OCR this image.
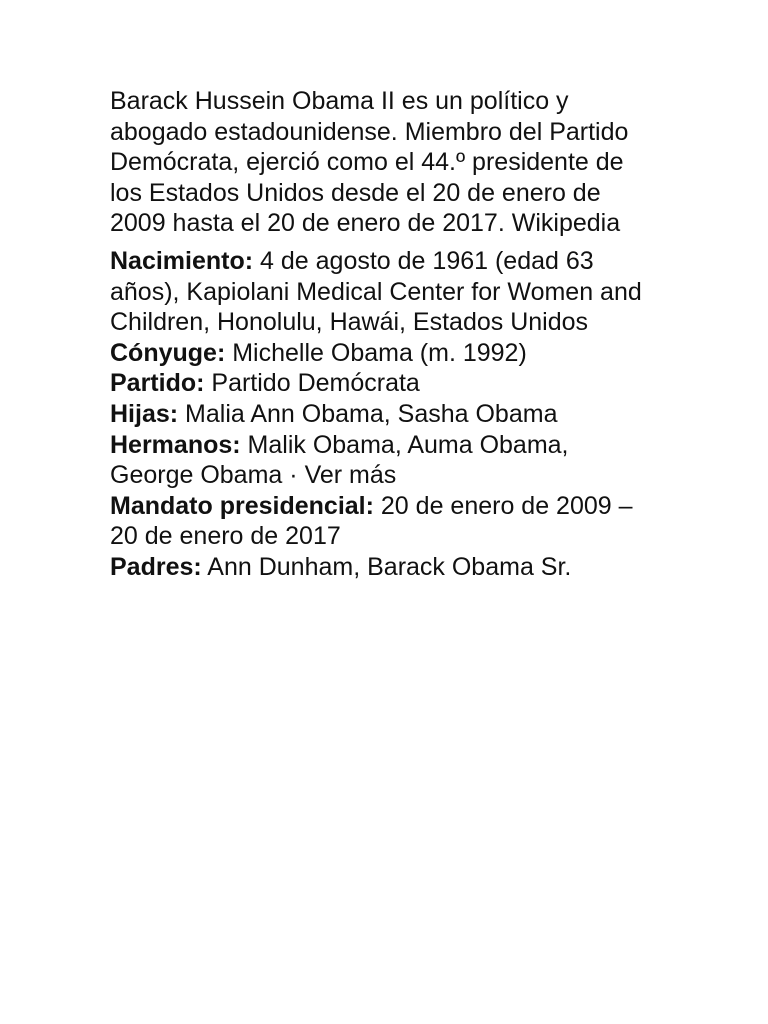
Barack Hussein Obama II es un político y abogado estadounidense. Miembro del Partido Demócrata, ejerció como el 44.º presidente de los Estados Unidos desde el 20 de enero de 2009 hasta el 20 de enero de 2017. Wikipedia

Nacimiento: 4 de agosto de 1961 (edad 63 años), Kapiolani Medical Center for Women and Children, Honolulu, Hawái, Estados Unidos

Cónyuge: Michelle Obama (m. 1992)

Partido: Partido Demócrata

Hijas: Malia Ann Obama, Sasha Obama

Hermanos: Malik Obama, Auma Obama, George Obama · Ver más

Mandato presidencial: 20 de enero de 2009 – 20 de enero de 2017

Padres: Ann Dunham, Barack Obama Sr.
